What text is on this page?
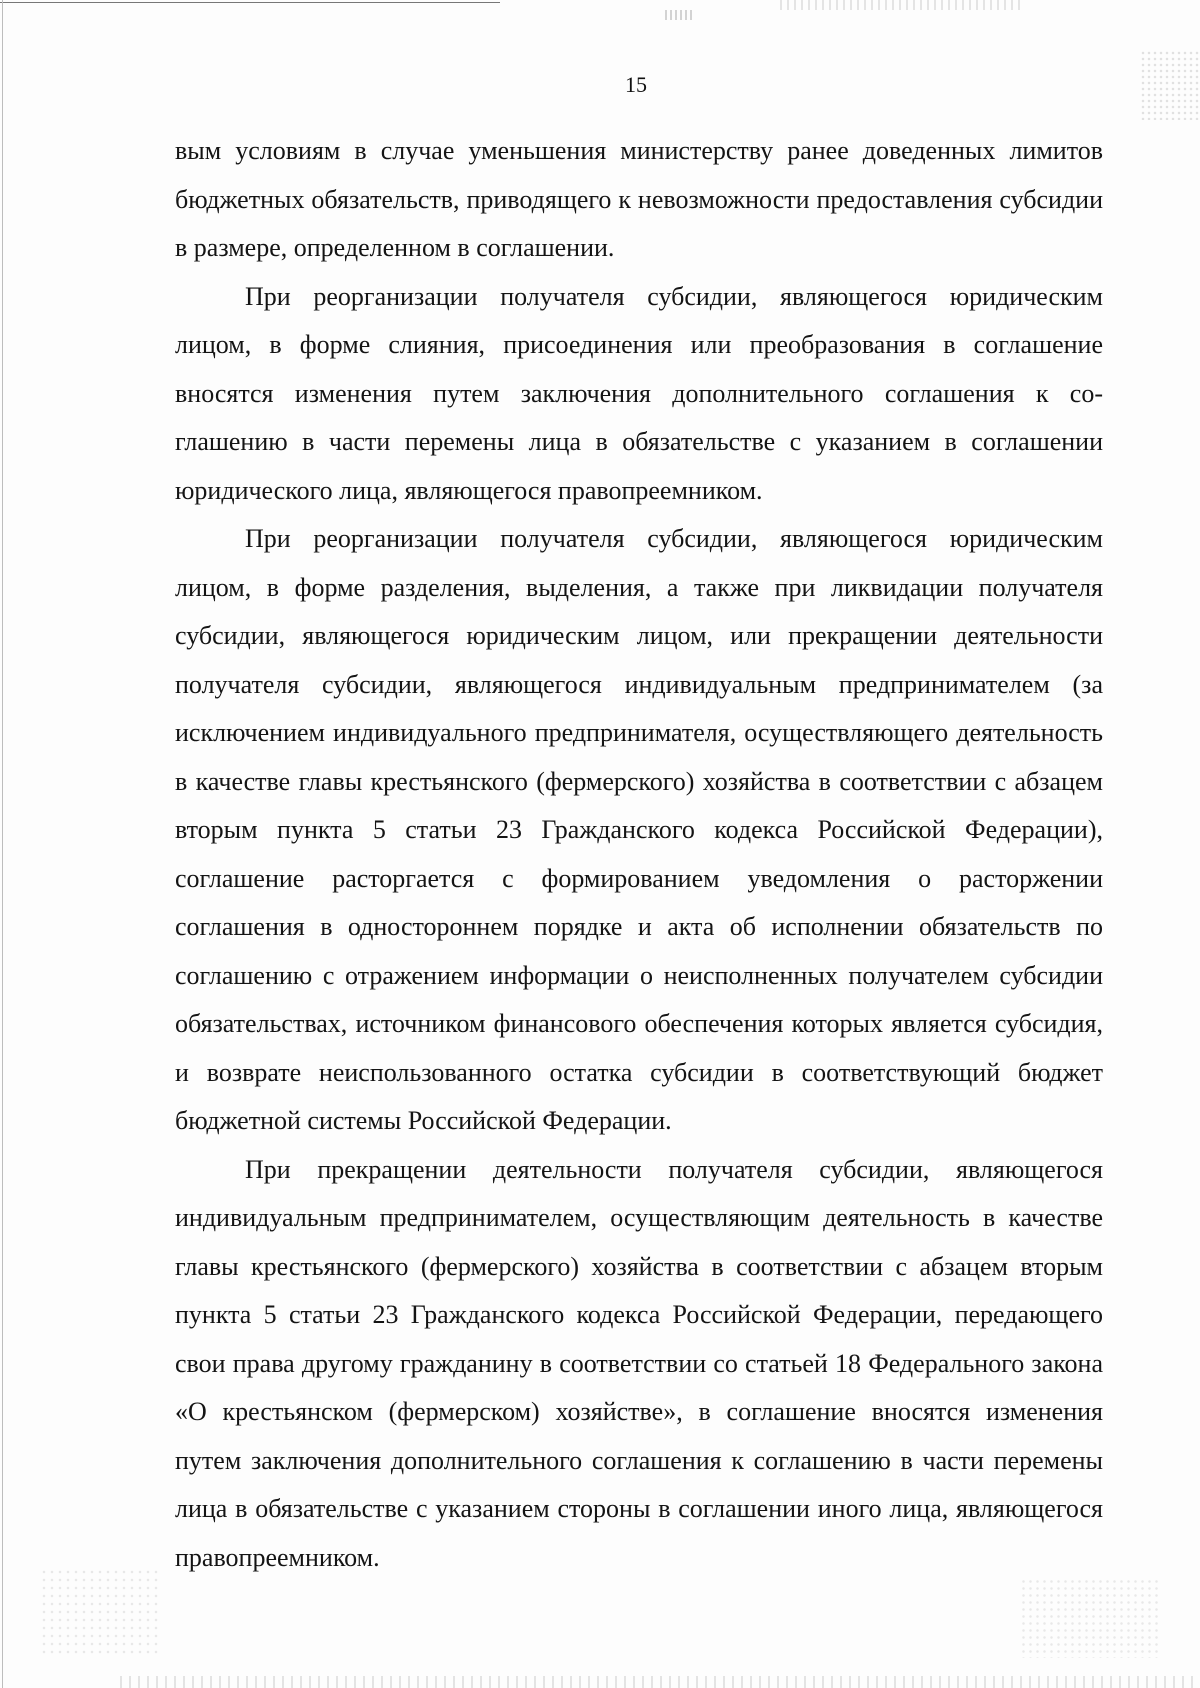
15

вым условиям в случае уменьшения министерству ранее доведенных лимитов бюджетных обязательств, приводящего к невозможности предоставления субсидии в размере, определенном в соглашении.

При реорганизации получателя субсидии, являющегося юридическим лицом, в форме слияния, присоединения или преобразования в соглашение вносятся изменения путем заключения дополнительного соглашения к соглашению в части перемены лица в обязательстве с указанием в соглашении юридического лица, являющегося правопреемником.

При реорганизации получателя субсидии, являющегося юридическим лицом, в форме разделения, выделения, а также при ликвидации получателя субсидии, являющегося юридическим лицом, или прекращении деятельности получателя субсидии, являющегося индивидуальным предпринимателем (за исключением индивидуального предпринимателя, осуществляющего деятельность в качестве главы крестьянского (фермерского) хозяйства в соответствии с абзацем вторым пункта 5 статьи 23 Гражданского кодекса Российской Федерации), соглашение расторгается с формированием уведомления о расторжении соглашения в одностороннем порядке и акта об исполнении обязательств по соглашению с отражением информации о неисполненных получателем субсидии обязательствах, источником финансового обеспечения которых является субсидия, и возврате неиспользованного остатка субсидии в соответствующий бюджет бюджетной системы Российской Федерации.

При прекращении деятельности получателя субсидии, являющегося индивидуальным предпринимателем, осуществляющим деятельность в качестве главы крестьянского (фермерского) хозяйства в соответствии с абзацем вторым пункта 5 статьи 23 Гражданского кодекса Российской Федерации, передающего свои права другому гражданину в соответствии со статьей 18 Федерального закона «О крестьянском (фермерском) хозяйстве», в соглашение вносятся изменения путем заключения дополнительного соглашения к соглашению в части перемены лица в обязательстве с указанием стороны в соглашении иного лица, являющегося правопреемником.
